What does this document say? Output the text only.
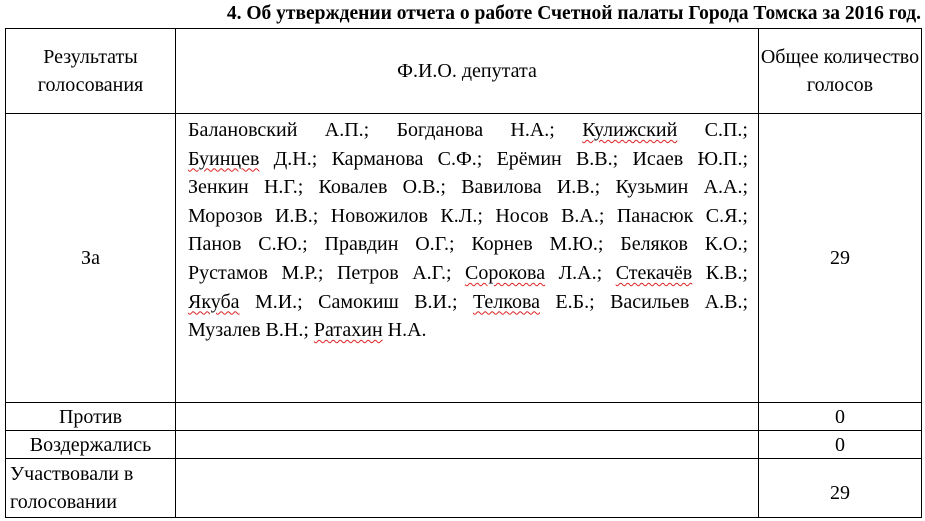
4. Об утверждении отчета о работе Счетной палаты Города Томска за 2016 год.
Результаты голосования	Ф.И.О. депутата	Общее количество голосов
За	Балановский А.П.; Богданова Н.А.; Кулижский С.П.; Буинцев Д.Н.; Карманова С.Ф.; Ерёмин В.В.; Исаев Ю.П.; Зенкин Н.Г.; Ковалев О.В.; Вавилова И.В.; Кузьмин А.А.; Морозов И.В.; Новожилов К.Л.; Носов В.А.; Панасюк С.Я.; Панов С.Ю.; Правдин О.Г.; Корнев М.Ю.; Беляков К.О.; Рустамов М.Р.; Петров А.Г.; Сорокова Л.А.; Стекачёв К.В.; Якуба М.И.; Самокиш В.И.; Телкова Е.Б.; Васильев А.В.; Музалев В.Н.; Ратахин Н.А.	29
Против		0
Воздержались		0
Участвовали в голосовании		29
